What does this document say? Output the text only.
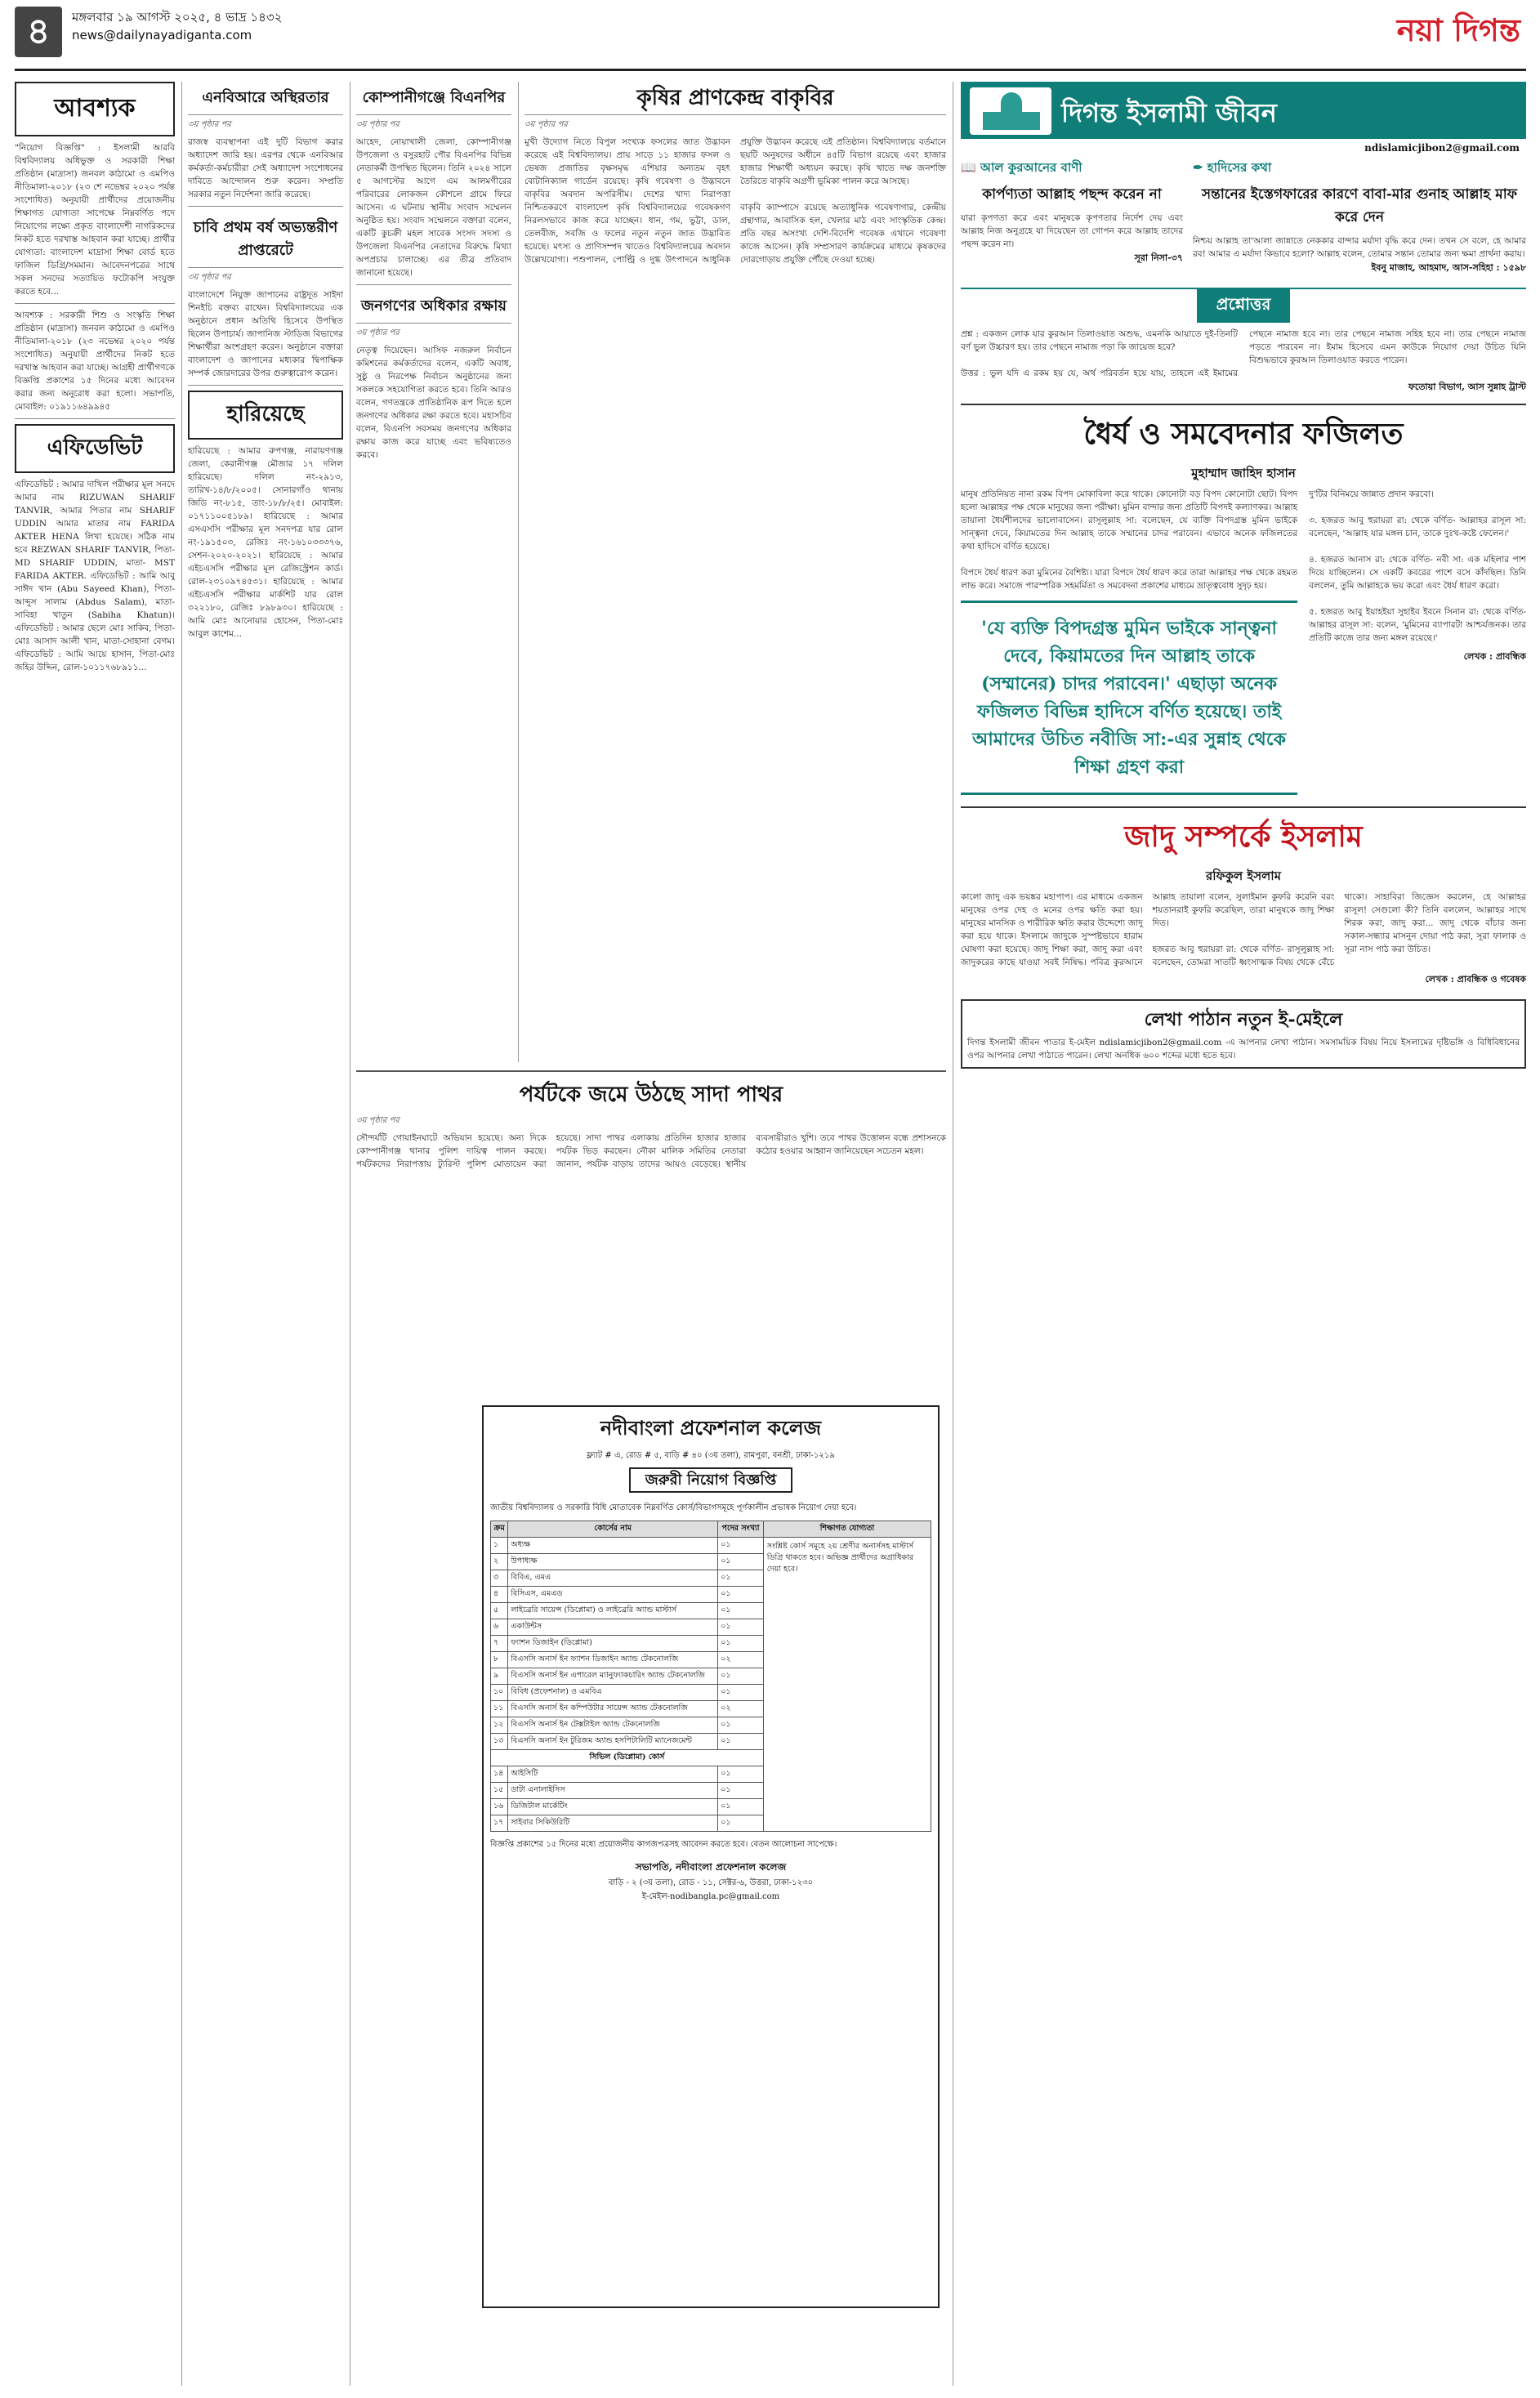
৪	মঙ্গলবার ১৯ আগস্ট ২০২৫, ৪ ভাদ্র ১৪৩২
news@dailynayadiganta.com	নয়া দিগন্ত
আবশ্যক
"নিয়োগ বিজ্ঞপ্তি" : ইসলামী আরবি বিশ্ববিদ্যালয় অধিভুক্ত ও সরকারী শিক্ষা প্রতিষ্ঠান (মাদ্রাসা) জনবল কাঠামো ও এমপিও নীতিমালা-২০১৮ (২৩ শে নভেম্বর ২০২০ পর্যন্ত সংশোধিত) অনুযায়ী প্রার্থীদের প্রয়োজনীয় শিক্ষাগত যোগ্যতা সাপেক্ষে নিম্নবর্ণিত পদে নিয়োগের লক্ষ্যে প্রকৃত বাংলাদেশী নাগরিকদের নিকট হতে দরখাস্ত আহবান করা যাচ্ছে। প্রার্থীর যোগ্যতা: বাংলাদেশ মাদ্রাসা শিক্ষা বোর্ড হতে ফাজিল ডিগ্রি/সমমান। আবেদনপত্রের সাথে সকল সনদের সত্যায়িত ফটোকপি সংযুক্ত করতে হবে...
আবশ্যক : সরকারী শিশু ও সংস্কৃতি শিক্ষা প্রতিষ্ঠান (মাদ্রাসা) জনবল কাঠামো ও এমপিও নীতিমালা-২০১৮ (২৩ নভেম্বর ২০২০ পর্যন্ত সংশোধিত) অনুযায়ী প্রার্থীদের নিকট হতে দরখাস্ত আহবান করা যাচ্ছে। আগ্রহী প্রার্থীগণকে বিজ্ঞপ্তি প্রকাশের ১৫ দিনের মধ্যে আবেদন করার জন্য অনুরোধ করা হলো। সভাপতি, মোবাইল: ০১৯১১৬৪৯৯৪৫
এফিডেভিট
এফিডেভিট : আমার দাখিল পরীক্ষার মূল সনদে আমার নাম RIZUWAN SHARIF TANVIR, আমার পিতার নাম SHARIF UDDIN আমার মাতার নাম FARIDA AKTER HENA লিখা হয়েছে। সঠিক নাম হবে REZWAN SHARIF TANVIR, পিতা- MD SHARIF UDDIN, মাতা- MST FARIDA AKTER. এফিডেভিট : আমি আবু সাঈদ খান (Abu Sayeed Khan), পিতা- আব্দুস সালাম (Abdus Salam), মাতা- সাবিহা খাতুন (Sabiha Khatun)। এফিডেভিট : আমার ছেলে মোঃ সাকিব, পিতা-মোঃ আসাদ আলী খান, মাতা-সোহানা বেগম। এফিডেভিট : আমি আয়ে হাসান, পিতা-মোঃ জহির উদ্দিন, রোল-১০১১৭৬৮৯১১...
এনবিআরে অস্থিরতার
৩য় পৃষ্ঠার পর
রাজস্ব ব্যবস্থাপনা এই দুটি বিভাগ করার অধ্যাদেশ জারি হয়। এরপর থেকে এনবিআর কর্মকর্তা-কর্মচারীরা সেই অধ্যাদেশ সংশোধনের দাবিতে আন্দোলন শুরু করেন। সম্প্রতি সরকার নতুন নির্দেশনা জারি করেছে।
চাবি প্রথম বর্ষ অভ্যন্তরীণ প্রাপ্তরেটে
৩য় পৃষ্ঠার পর
বাংলাদেশে নিযুক্ত জাপানের রাষ্ট্রদূত সাইদা শিনইচি বক্তব্য রাখেন। বিশ্ববিদ্যালয়ের এক অনুষ্ঠানে প্রধান অতিথি হিসেবে উপস্থিত ছিলেন উপাচার্য। জাপানিজ স্টাডিজ বিভাগের শিক্ষার্থীরা অংশগ্রহণ করেন। অনুষ্ঠানে বক্তারা বাংলাদেশ ও জাপানের মধ্যকার দ্বিপাক্ষিক সম্পর্ক জোরদারের উপর গুরুত্বারোপ করেন।
হারিয়েছে
হারিয়েছে : আমার রুপগঞ্জ, নারায়ণগঞ্জ জেলা, কেরানীগঞ্জ মৌজার ১৭ দলিল হারিয়েছে। দলিল নং-২৯১৩, তারিখ-১৪/৮/২০০৫। সোনারগাঁও থানায় জিডি নং-৮১৫, তাং-১৮/৮/২৫। মোবাইল: ০১৭১১০০৫১৮৯। হারিয়েছে : আমার এসএসসি পরীক্ষার মূল সনদপত্র যার রোল নং-১৯১৫০৩, রেজিঃ নং-১৬১০৩৩৩৭৬, সেশন-২০২০-২০২১। হারিয়েছে : আমার এইচএসসি পরীক্ষার মূল রেজিস্ট্রেশন কার্ড। রোল-২৩১০৯৭৪৫৩১। হারিয়েছে : আমার এইচএসসি পরীক্ষার মার্কশিট যার রোল ৩২২১৮০, রেজিঃ ৮৯৮৯৩০। হারিয়েছে : আমি মোঃ আনোয়ার হোসেন, পিতা-মোঃ আবুল কাশেম...
কোম্পানীগঞ্জে বিএনপির
৩য় পৃষ্ঠার পর
আহেদ, নোয়াখালী জেলা, কোম্পানীগঞ্জ উপজেলা ও বসুরহাট পৌর বিএনপির বিভিন্ন নেতাকর্মী উপস্থিত ছিলেন। তিনি ২০২৪ সালে ৫ আগস্টের আগে এম আলমগীরের পরিবারের লোকজন কৌশলে গ্রামে ফিরে আসেন। এ ঘটনায় স্থানীয় সংবাদ সম্মেলন অনুষ্ঠিত হয়। সংবাদ সম্মেলনে বক্তারা বলেন, একটি কুচক্রী মহল সাবেক সংসদ সদস্য ও উপজেলা বিএনপির নেতাদের বিরুদ্ধে মিথ্যা অপপ্রচার চালাচ্ছে। এর তীব্র প্রতিবাদ জানানো হয়েছে।
জনগণের অধিকার রক্ষায়
৩য় পৃষ্ঠার পর
নেতৃত্ব দিয়েছেন। আসিফ নজরুল নির্বাচন কমিশনের কর্মকর্তাদের বলেন, একটি অবাধ, সুষ্ঠু ও নিরপেক্ষ নির্বাচন অনুষ্ঠানের জন্য সকলকে সহযোগিতা করতে হবে। তিনি আরও বলেন, গণতন্ত্রকে প্রাতিষ্ঠানিক রূপ দিতে হলে জনগণের অধিকার রক্ষা করতে হবে। মহাসচিব বলেন, বিএনপি সবসময় জনগণের অধিকার রক্ষায় কাজ করে যাচ্ছে এবং ভবিষ্যতেও করবে।
কৃষির প্রাণকেন্দ্র বাকৃবির
৩য় পৃষ্ঠার পর
মুখী উদ্যোগ নিতে বিপুল সংখ্যক ফসলের জাত উদ্ভাবন করেছে এই বিশ্ববিদ্যালয়। প্রায় সাড়ে ১১ হাজার ফসল ও ভেষজ প্রজাতির বৃক্ষসমৃদ্ধ এশিয়ার অন্যতম বৃহৎ বোটানিক্যাল গার্ডেন রয়েছে। কৃষি গবেষণা ও উদ্ভাবনে বাকৃবির অবদান অপরিসীম। দেশের খাদ্য নিরাপত্তা নিশ্চিতকরণে বাংলাদেশ কৃষি বিশ্ববিদ্যালয়ের গবেষকগণ নিরলসভাবে কাজ করে যাচ্ছেন। ধান, গম, ভুট্টা, ডাল, তেলবীজ, সবজি ও ফলের নতুন নতুন জাত উদ্ভাবিত হয়েছে। মৎস্য ও প্রাণিসম্পদ খাতেও বিশ্ববিদ্যালয়ের অবদান উল্লেখযোগ্য। পশুপালন, পোল্ট্রি ও দুগ্ধ উৎপাদনে আধুনিক প্রযুক্তি উদ্ভাবন করেছে এই প্রতিষ্ঠান। বিশ্ববিদ্যালয়ে বর্তমানে ছয়টি অনুষদের অধীনে ৪৫টি বিভাগ রয়েছে এবং হাজার হাজার শিক্ষার্থী অধ্যয়ন করছে। কৃষি খাতে দক্ষ জনশক্তি তৈরিতে বাকৃবি অগ্রণী ভূমিকা পালন করে আসছে।

বাকৃবি ক্যাম্পাসে রয়েছে অত্যাধুনিক গবেষণাগার, কেন্দ্রীয় গ্রন্থাগার, আবাসিক হল, খেলার মাঠ এবং সাংস্কৃতিক কেন্দ্র। প্রতি বছর অসংখ্য দেশি-বিদেশি গবেষক এখানে গবেষণা কাজে আসেন। কৃষি সম্প্রসারণ কার্যক্রমের মাধ্যমে কৃষকদের দোরগোড়ায় প্রযুক্তি পৌঁছে দেওয়া হচ্ছে।
পর্যটকে জমে উঠছে সাদা পাথর
৩য় পৃষ্ঠার পর
সৌন্দর্যটি গোয়াইনঘাটে অভিযান হয়েছে। অন্য দিকে কোম্পানীগঞ্জ থানার পুলিশ দায়িত্ব পালন করছে। পর্যটকদের নিরাপত্তায় ট্যুরিস্ট পুলিশ মোতায়েন করা হয়েছে। সাদা পাথর এলাকায় প্রতিদিন হাজার হাজার পর্যটক ভিড় করছেন। নৌকা মালিক সমিতির নেতারা জানান, পর্যটক বাড়ায় তাদের আয়ও বেড়েছে। স্থানীয় ব্যবসায়ীরাও খুশি। তবে পাথর উত্তোলন বন্ধে প্রশাসনকে কঠোর হওয়ার আহ্বান জানিয়েছেন সচেতন মহল।
নদীবাংলা প্রফেশনাল কলেজ
ফ্ল্যাট # এ, রোড # ৫, বাড়ি # ৪০ (৩য় তলা), রামপুরা, বনশ্রী, ঢাকা-১২১৯
জরুরী নিয়োগ বিজ্ঞপ্তি
জাতীয় বিশ্ববিদ্যালয় ও সরকারি বিধি মোতাবেক নিম্নবর্ণিত কোর্স/বিভাগসমূহে পূর্ণকালীন প্রভাষক নিয়োগ দেয়া হবে।
ক্রম	কোর্সের নাম	পদের সংখ্যা
১	অধ্যক্ষ	০১
২	উপাধ্যক্ষ	০১
৩	বিবিএ, এমএ	০১
৪	বিসিএস, এমএড	০১
৫	লাইব্রেরি সায়েন্স (ডিপ্লোমা) ও লাইব্রেরি অ্যান্ড মাস্টার্স	০১
৬	একাউন্টস	০১
৭	ফ্যাশন ডিজাইন (ডিপ্লোমা)	০১
৮	বিএসসি অনার্স ইন ফ্যাশন ডিজাইন অ্যান্ড টেকনোলজি	০২
৯	বিএসসি অনার্স ইন এপারেল ম্যানুফ্যাকচারিং অ্যান্ড টেকনোলজি	০১
১০	বিবিধ (প্রফেশনাল) ও এমবিএ	০১
১১	বিএসসি অনার্স ইন কম্পিউটার সায়েন্স অ্যান্ড টেকনোলজি	০২
১২	বিএসসি অনার্স ইন টেক্সটাইল অ্যান্ড টেকনোলজি	০১
১৩	বিএসসি অনার্স ইন টুরিজম অ্যান্ড হসপিটালিটি ম্যানেজমেন্ট	০১
সিভিল (ডিপ্লোমা) কোর্স		
১৪	আইসিটি	০১
১৫	ডাটা এনালাইসিস	০১
১৬	ডিজিটাল মার্কেটিং	০১
১৭	সাইবার সিকিউরিটি	০১
শিক্ষাগত যোগ্যতা
সংশ্লিষ্ট কোর্স সমূহে ২য় শ্রেণীর অনার্সসহ মাস্টার্স ডিগ্রি থাকতে হবে। অভিজ্ঞ প্রার্থীদের অগ্রাধিকার দেয়া হবে।
বিজ্ঞপ্তি প্রকাশের ১৫ দিনের মধ্যে প্রয়োজনীয় কাগজপত্রসহ আবেদন করতে হবে। বেতন আলোচনা সাপেক্ষে।
সভাপতি, নদীবাংলা প্রফেশনাল কলেজ
বাড়ি - ২ (৩য় তলা), রোড - ১১, সেক্টর-৬, উত্তরা, ঢাকা-১২৩০
ই-মেইল-nodibangla.pc@gmail.com
দিগন্ত ইসলামী জীবন
ndislamicjibon2@gmail.com
📖 আল কুরআনের বাণী
কার্পণ্যতা আল্লাহ পছন্দ করেন না
যারা কৃপণতা করে এবং মানুষকে কৃপণতার নির্দেশ দেয় এবং আল্লাহ নিজ অনুগ্রহে যা দিয়েছেন তা গোপন করে আল্লাহ তাদের পছন্দ করেন না।
সূরা নিসা-৩৭
✒ হাদিসের কথা
সন্তানের ইস্তেগফারের কারণে বাবা-মার গুনাহ আল্লাহ মাফ করে দেন
নিশ্চয় আল্লাহ তা'আলা জান্নাতে নেককার বান্দার মর্যাদা বৃদ্ধি করে দেন। তখন সে বলে, হে আমার রব! আমার এ মর্যাদা কিভাবে হলো? আল্লাহ বলেন, তোমার সন্তান তোমার জন্য ক্ষমা প্রার্থনা করায়।
ইবনু মাজাহ, আহমাদ, আস-সহিহা : ১৫৯৮
প্রশ্নোত্তর
প্রশ্ন : একজন লোক যার কুরআন তিলাওয়াত অশুদ্ধ, এমনকি আয়াতে দুই-তিনটি বর্ণ ভুল উচ্চারণ হয়। তার পেছনে নামাজ পড়া কি জায়েজ হবে?

উত্তর : ভুল যদি এ রকম হয় যে, অর্থ পরিবর্তন হয়ে যায়, তাহলে এই ইমামের পেছনে নামাজ হবে না। তার পেছনে নামাজ সহিহ হবে না। তার পেছনে নামাজ পড়তে পারবেন না। ইমাম হিসেবে এমন কাউকে নিয়োগ দেয়া উচিত যিনি বিশুদ্ধভাবে কুরআন তিলাওয়াত করতে পারেন।
ফতোয়া বিভাগ, আস সুন্নাহ ট্রাস্ট
ধৈর্য ও সমবেদনার ফজিলত
মুহাম্মাদ জাহিদ হাসান
মানুষ প্রতিনিয়ত নানা রকম বিপদ মোকাবিলা করে থাকে। কোনোটা বড় বিপদ কোনোটা ছোট। বিপদ হলো আল্লাহর পক্ষ থেকে মানুষের জন্য পরীক্ষা। মুমিন বান্দার জন্য প্রতিটি বিপদই কল্যাণকর। আল্লাহ তায়ালা ধৈর্যশীলদের ভালোবাসেন। রাসূলুল্লাহ সা: বলেছেন, যে ব্যক্তি বিপদগ্রস্ত মুমিন ভাইকে সান্ত্বনা দেবে, কিয়ামতের দিন আল্লাহ তাকে সম্মানের চাদর পরাবেন। এভাবে অনেক ফজিলতের কথা হাদিসে বর্ণিত হয়েছে।

বিপদে ধৈর্য ধারণ করা মুমিনের বৈশিষ্ট্য। যারা বিপদে ধৈর্য ধারণ করে তারা আল্লাহর পক্ষ থেকে রহমত লাভ করে। সমাজে পারস্পরিক সহমর্মিতা ও সমবেদনা প্রকাশের মাধ্যমে ভ্রাতৃত্ববোধ সুদৃঢ় হয়।
'যে ব্যক্তি বিপদগ্রস্ত মুমিন ভাইকে সান্ত্বনা দেবে, কিয়ামতের দিন আল্লাহ তাকে (সম্মানের) চাদর পরাবেন।' এছাড়া অনেক ফজিলত বিভিন্ন হাদিসে বর্ণিত হয়েছে। তাই আমাদের উচিত নবীজি সা:-এর সুন্নাহ থেকে শিক্ষা গ্রহণ করা
দু'টির বিনিময়ে জান্নাত প্রদান করবো।

৩. হজরত আবু হুরায়রা রা: থেকে বর্ণিত- আল্লাহর রাসূল সা: বলেছেন, 'আল্লাহ যার মঙ্গল চান, তাকে দুঃখ-কষ্টে ফেলেন।'

৪. হজরত আনাস রা: থেকে বর্ণিত- নবী সা: এক মহিলার পাশ দিয়ে যাচ্ছিলেন। সে একটি কবরের পাশে বসে কাঁদছিল। তিনি বললেন, তুমি আল্লাহকে ভয় করো এবং ধৈর্য ধারণ করো।

৫. হজরত আবু ইয়াহইয়া সুহাইব ইবনে সিনান রা: থেকে বর্ণিত- আল্লাহর রাসূল সা: বলেন, 'মুমিনের ব্যাপারটা আশ্চর্যজনক। তার প্রতিটি কাজে তার জন্য মঙ্গল রয়েছে।'
লেখক : প্রাবন্ধিক
জাদু সম্পর্কে ইসলাম
রফিকুল ইসলাম
কালো জাদু এক ভয়ঙ্কর মহাপাপ। এর মাধ্যমে একজন মানুষের ওপর দেহ ও মনের ওপর ক্ষতি করা হয়। মানুষের মানসিক ও শারীরিক ক্ষতি করার উদ্দেশ্যে জাদু করা হয়ে থাকে। ইসলামে জাদুকে সুস্পষ্টভাবে হারাম ঘোষণা করা হয়েছে। জাদু শিক্ষা করা, জাদু করা এবং জাদুকরের কাছে যাওয়া সবই নিষিদ্ধ। পবিত্র কুরআনে আল্লাহ তায়ালা বলেন, সুলাইমান কুফরি করেনি বরং শয়তানরাই কুফরি করেছিল, তারা মানুষকে জাদু শিক্ষা দিত।

হজরত আবু হুরায়রা রা: থেকে বর্ণিত- রাসূলুল্লাহ সা: বলেছেন, তোমরা সাতটি ধ্বংসাত্মক বিষয় থেকে বেঁচে থাকো। সাহাবিরা জিজ্ঞেস করলেন, হে আল্লাহর রাসূল! সেগুলো কী? তিনি বললেন, আল্লাহর সাথে শিরক করা, জাদু করা... জাদু থেকে বাঁচার জন্য সকাল-সন্ধ্যার মাসনুন দোয়া পাঠ করা, সূরা ফালাক ও সূরা নাস পাঠ করা উচিত।
লেখক : প্রাবন্ধিক ও গবেষক
লেখা পাঠান নতুন ই-মেইলে
দিগন্ত ইসলামী জীবন পাতার ই-মেইল ndislamicjibon2@gmail.com -এ আপনার লেখা পাঠান। সমসাময়িক বিষয় নিয়ে ইসলামের দৃষ্টিভঙ্গি ও বিধিবিধানের ওপর আপনার লেখা পাঠাতে পারেন। লেখা অনধিক ৬০০ শব্দের মধ্যে হতে হবে।
